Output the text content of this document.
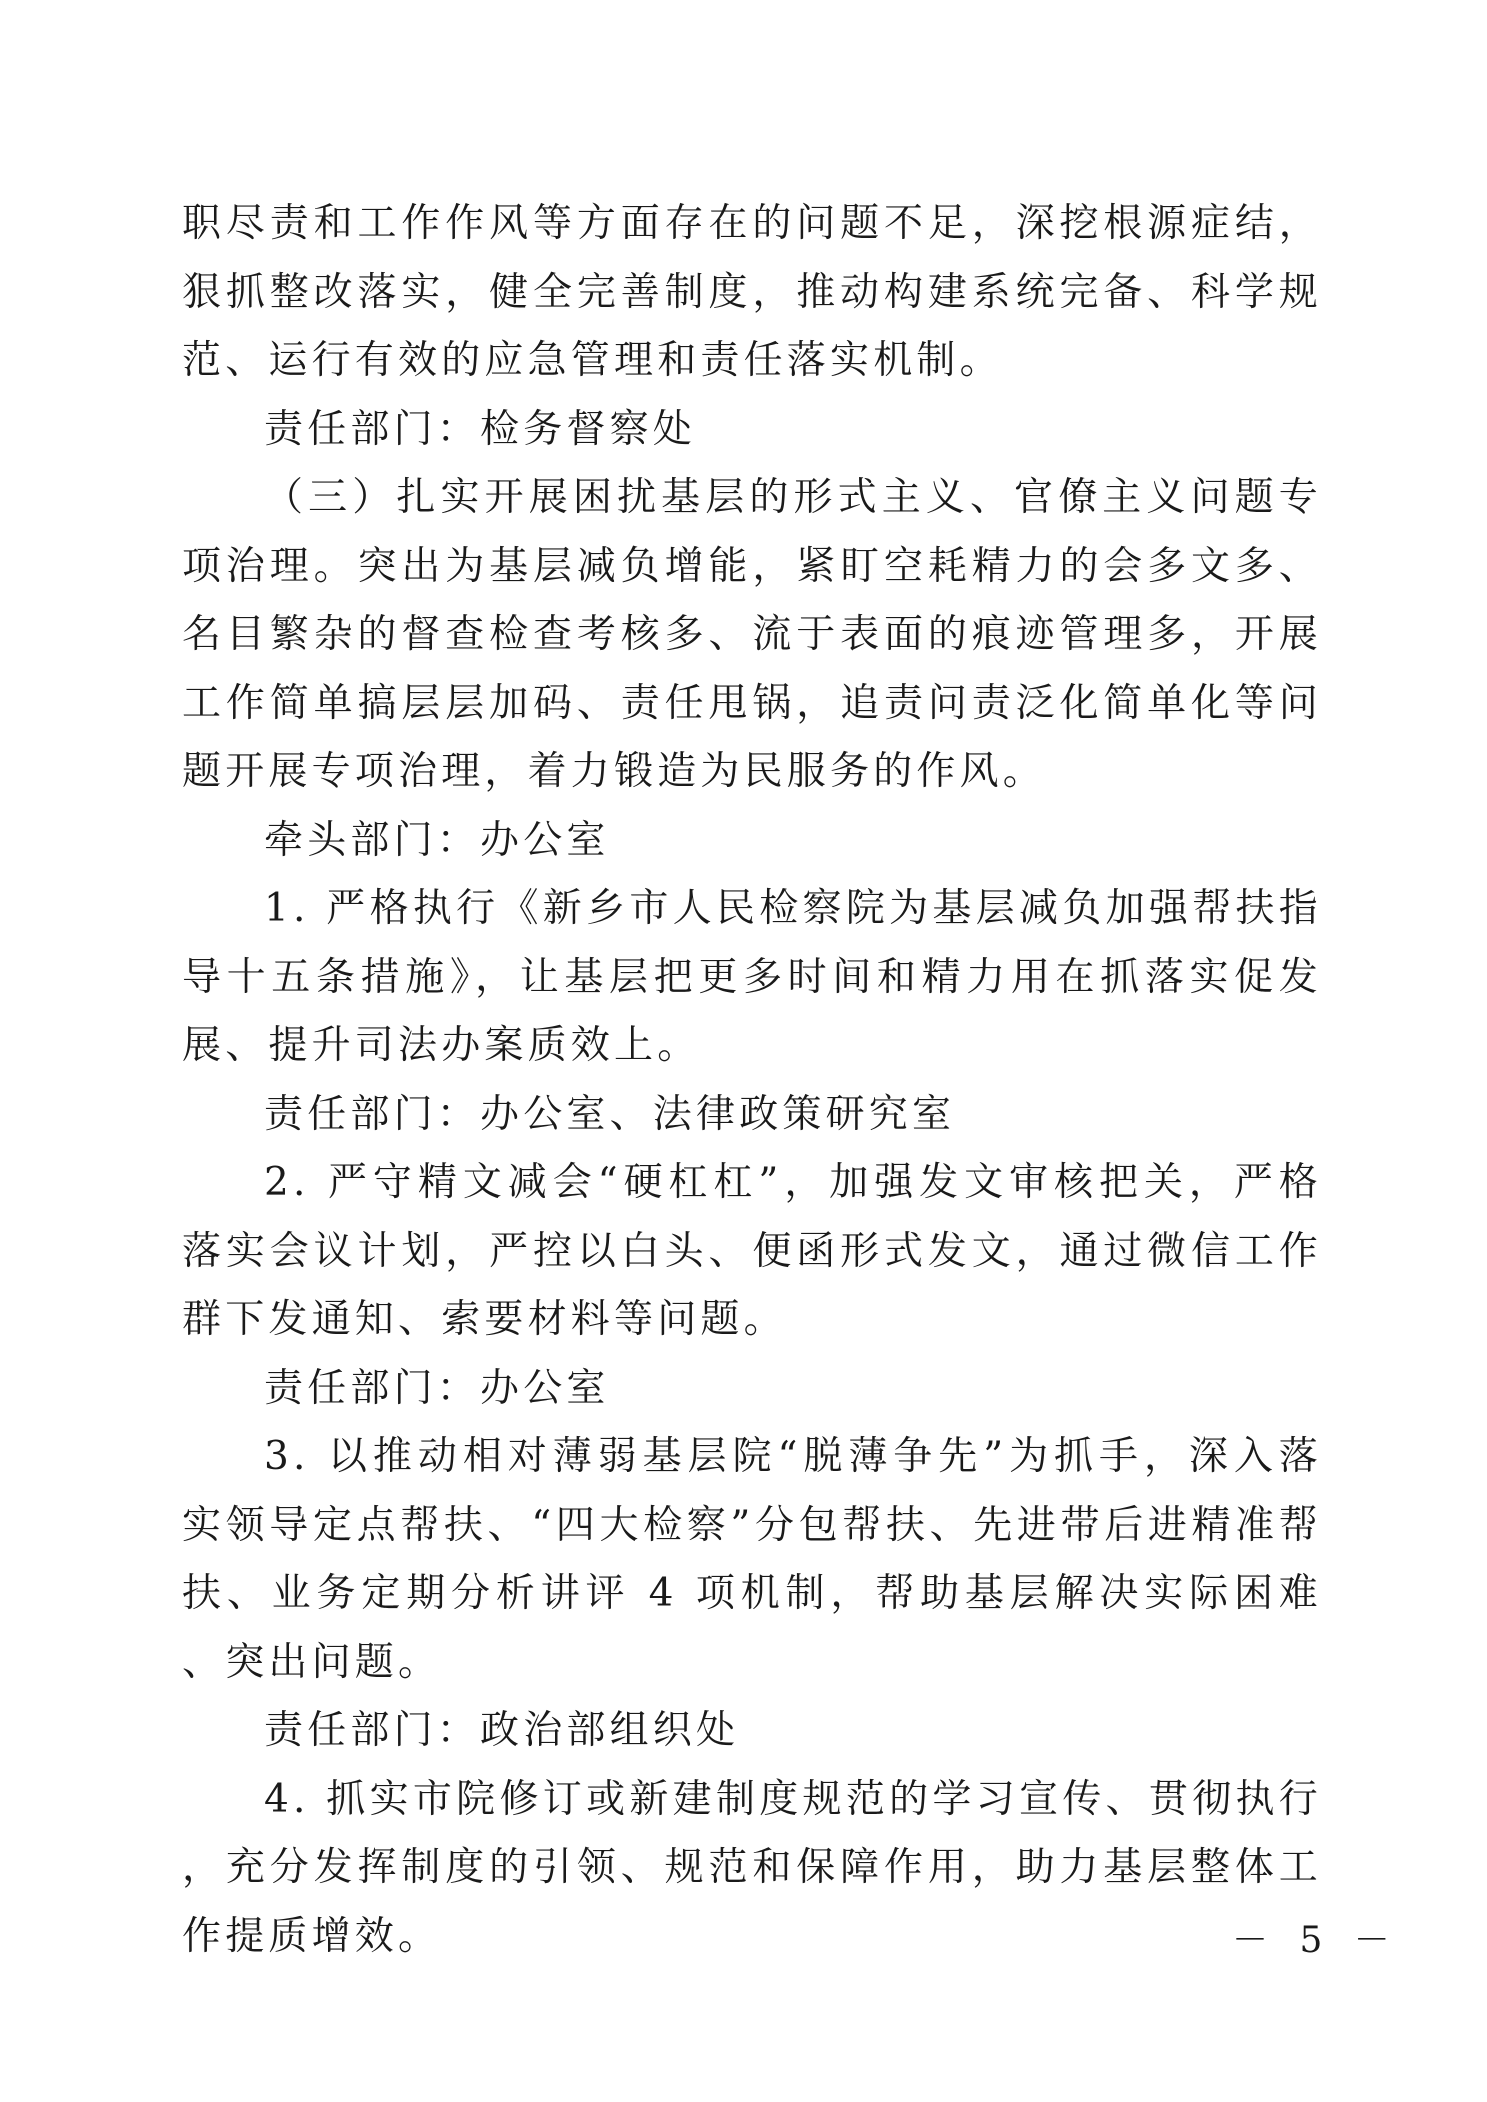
职尽责和工作作风等方面存在的问题不足，深挖根源症结，狠抓整改落实，健全完善制度，推动构建系统完备、科学规范、运行有效的应急管理和责任落实机制。

责任部门：检务督察处

（三）扎实开展困扰基层的形式主义、官僚主义问题专项治理。突出为基层减负增能，紧盯空耗精力的会多文多、名目繁杂的督查检查考核多、流于表面的痕迹管理多，开展工作简单搞层层加码、责任甩锅，追责问责泛化简单化等问题开展专项治理，着力锻造为民服务的作风。

牵头部门：办公室

1. 严格执行《新乡市人民检察院为基层减负加强帮扶指导十五条措施》，让基层把更多时间和精力用在抓落实促发展、提升司法办案质效上。

责任部门：办公室、法律政策研究室

2. 严守精文减会“硬杠杠”，加强发文审核把关，严格落实会议计划，严控以白头、便函形式发文，通过微信工作群下发通知、索要材料等问题。

责任部门：办公室

3. 以推动相对薄弱基层院“脱薄争先”为抓手，深入落实领导定点帮扶、“四大检察”分包帮扶、先进带后进精准帮扶、业务定期分析讲评 4 项机制，帮助基层解决实际困难、突出问题。

责任部门：政治部组织处

4. 抓实市院修订或新建制度规范的学习宣传、贯彻执行，充分发挥制度的引领、规范和保障作用，助力基层整体工作提质增效。	－ 5 －
